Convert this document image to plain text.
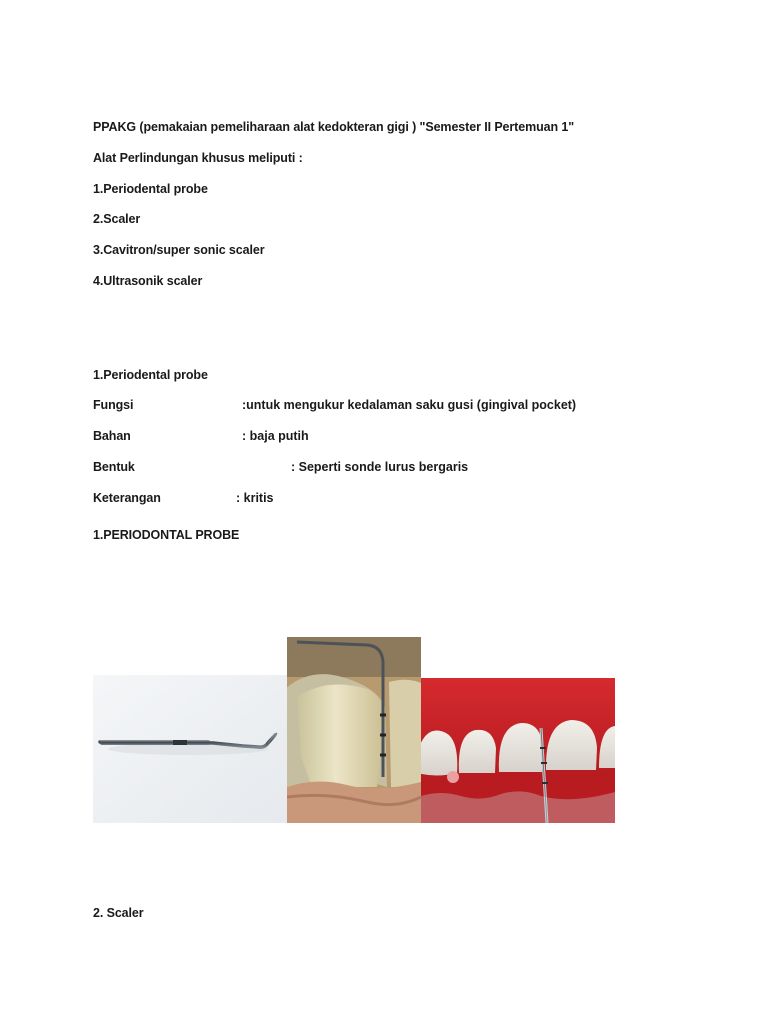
PPAKG (pemakaian pemeliharaan alat kedokteran gigi ) "Semester II Pertemuan 1"
Alat Perlindungan khusus meliputi :
1.Periodental probe
2.Scaler
3.Cavitron/super sonic scaler
4.Ultrasonik scaler
1.Periodental probe
Fungsi	:untuk mengukur kedalaman saku gusi (gingival pocket)
Bahan	: baja putih
Bentuk	: Seperti sonde lurus bergaris
Keterangan	: kritis
1.PERIODONTAL PROBE
2. Scaler
